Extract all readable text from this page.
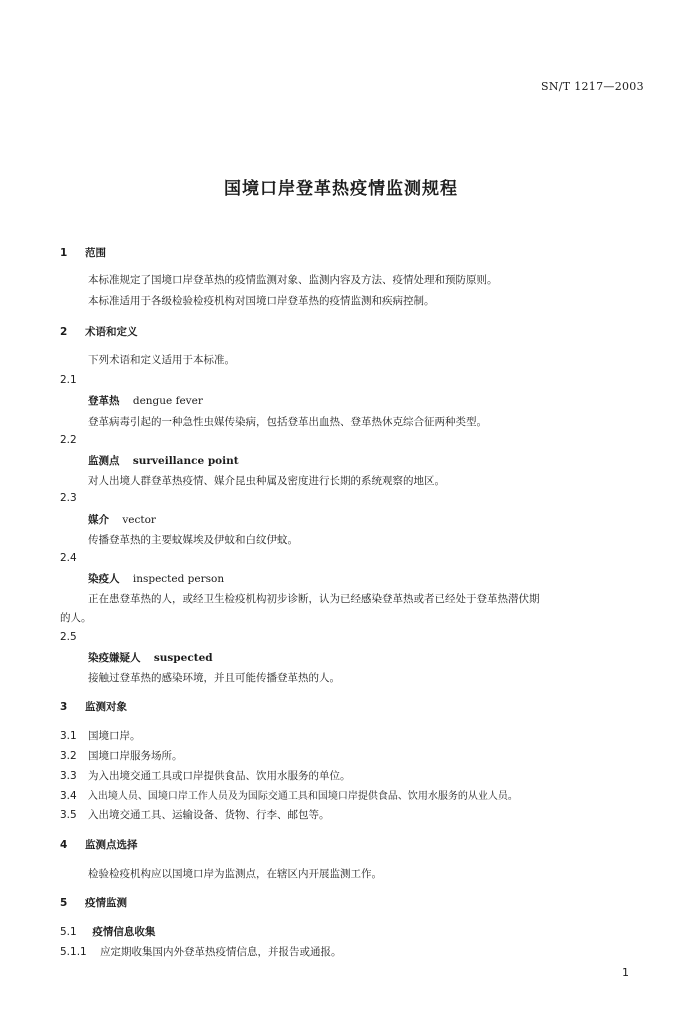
SN/T 1217—2003
国境口岸登革热疫情监测规程
1 范围
本标准规定了国境口岸登革热的疫情监测对象、监测内容及方法、疫情处理和预防原则。
本标准适用于各级检验检疫机构对国境口岸登革热的疫情监测和疾病控制。
2 术语和定义
下列术语和定义适用于本标准。
2.1
登革热 dengue fever
登革病毒引起的一种急性虫媒传染病，包括登革出血热、登革热休克综合征两种类型。
2.2
监测点 surveillance point
对人出境人群登革热疫情、媒介昆虫种属及密度进行长期的系统观察的地区。
2.3
媒介 vector
传播登革热的主要蚊媒埃及伊蚊和白纹伊蚊。
2.4
染疫人 inspected person
正在患登革热的人，或经卫生检疫机构初步诊断，认为已经感染登革热或者已经处于登革热潜伏期
的人。
2.5
染疫嫌疑人 suspected
接触过登革热的感染环境，并且可能传播登革热的人。
3 监测对象
3.1 国境口岸。
3.2 国境口岸服务场所。
3.3 为入出境交通工具或口岸提供食品、饮用水服务的单位。
3.4 入出境人员、国境口岸工作人员及为国际交通工具和国境口岸提供食品、饮用水服务的从业人员。
3.5 入出境交通工具、运输设备、货物、行李、邮包等。
4 监测点选择
检验检疫机构应以国境口岸为监测点，在辖区内开展监测工作。
5 疫情监测
5.1 疫情信息收集
5.1.1 应定期收集国内外登革热疫情信息，并报告或通报。
1
